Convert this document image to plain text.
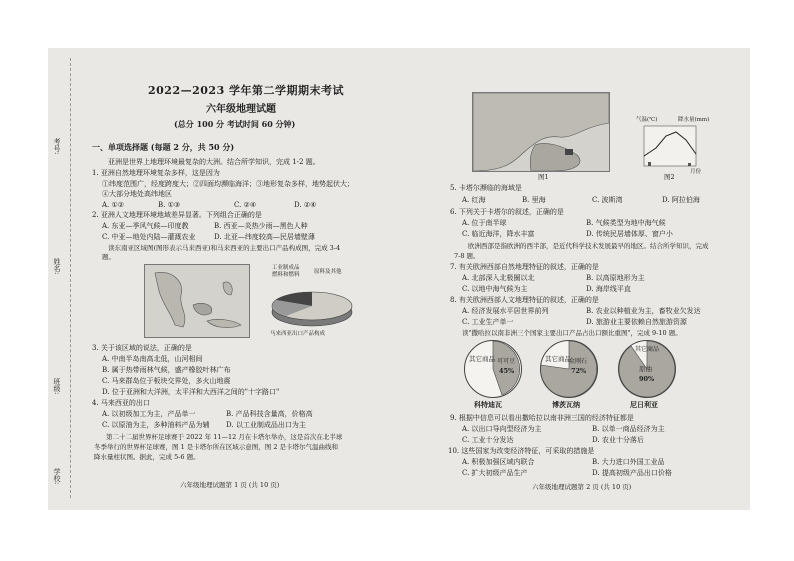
考号:
姓名:
班级:
学校:
2022—2023 学年第二学期期末考试
六年级地理试题
(总分 100 分 考试时间 60 分钟)
一、单项选择题 (每题 2 分，共 50 分)
亚洲是世界上地理环境最复杂的大洲。结合所学知识，完成 1-2 题。
1. 亚洲自然地理环境复杂多样，这是因为
①纬度范围广，经度跨度大；②四面均濒临海洋；③地形复杂多样，地势起伏大；
④大部分地处高纬地区
A. ①②	B. ①③	C. ②④	D. ②④
2. 亚洲人文地理环境地域差异显著。下列组合正确的是
A. 东亚—季风气候—印度教	B. 西亚—炎热少雨—黑色人种
C. 中亚—地处内陆—灌溉农业	D. 北亚—纬度较高—民居墙壁薄
读东南亚区域图(图形表示马来西亚)和马来西亚的主要出口产品构成图，完成 3-4
题。
工业制成品
燃料和燃料	原料及其他
马来西亚出口产品构成
3. 关于该区域的说法，正确的是
A. 中南半岛南高北低，山河相间
B. 属于热带雨林气候，盛产橡胶叶林广布
C. 马来群岛位于板块交界处，多火山地震
D. 位于亚洲和大洋洲，太平洋和大西洋之间的"十字路口"
4. 马来西亚的出口
A. 以初级加工为主，产品单一	B. 产品科技含量高，价格高
C. 以原油为主，多种油料产品为辅 D. 以工业制成品出口为主
第二十二届世界杯足球赛于 2022 年 11—12 月在卡塔尔举办，这是首次在北半球
冬季举行的世界杯足球赛，图 1 是卡塔尔所在区域示意图，图 2 是卡塔尔气温曲线和
降水量柱状图。据此，完成 5-6 题。
六年级地理试题第 1 页 (共 10 页)
图1
气温(℃)	降水量(mm)
月份
图2
5. 卡塔尔濒临的海域是
A. 红海	B. 里海	C. 波斯湾	D. 阿拉伯海
6. 下列关于卡塔尔的叙述，正确的是
A. 位于南半球	B. 气候类型为地中海气候
C. 临近海洋，降水丰富	D. 传统民居墙体厚、窗户小
欧洲西部是指欧洲的西半部，是近代科学技术发展最早的地区。结合所学知识，完成
7-8 题。
7. 有关欧洲西部自然地理特征的叙述，正确的是
A. 北部深入北极圈以北	B. 以高原地形为主
C. 以地中海气候为主	D. 海岸线平直
8. 有关欧洲西部人文地理特征的叙述，正确的是
A. 经济发展水平居世界前列	B. 农业以种植业为主，畜牧业欠发达
C. 工业生产单一	D. 旅游业主要依赖自然旅游资源
读"撒哈拉以南非洲三个国家主要出口产品占出口额比重图"，完成 9-10 题。
其它商品 可可豆
45%
科特迪瓦
其它商品
金刚石
72%
博茨瓦纳
其它商品
原油
90%
尼日利亚
9. 根据中信息可以看出撒哈拉以南非洲三国的经济特征都是
A. 以出口导向型经济为主	B. 以单一商品经济为主
C. 工业十分发达	D. 农业十分落后
10. 这些国家为改变经济特征，可采取的措施是
A. 积极加强区域内联合	B. 大力进口外国工业品
C. 扩大初级产品生产	D. 提高初级产品出口价格
六年级地理试题第 2 页 (共 10 页)
